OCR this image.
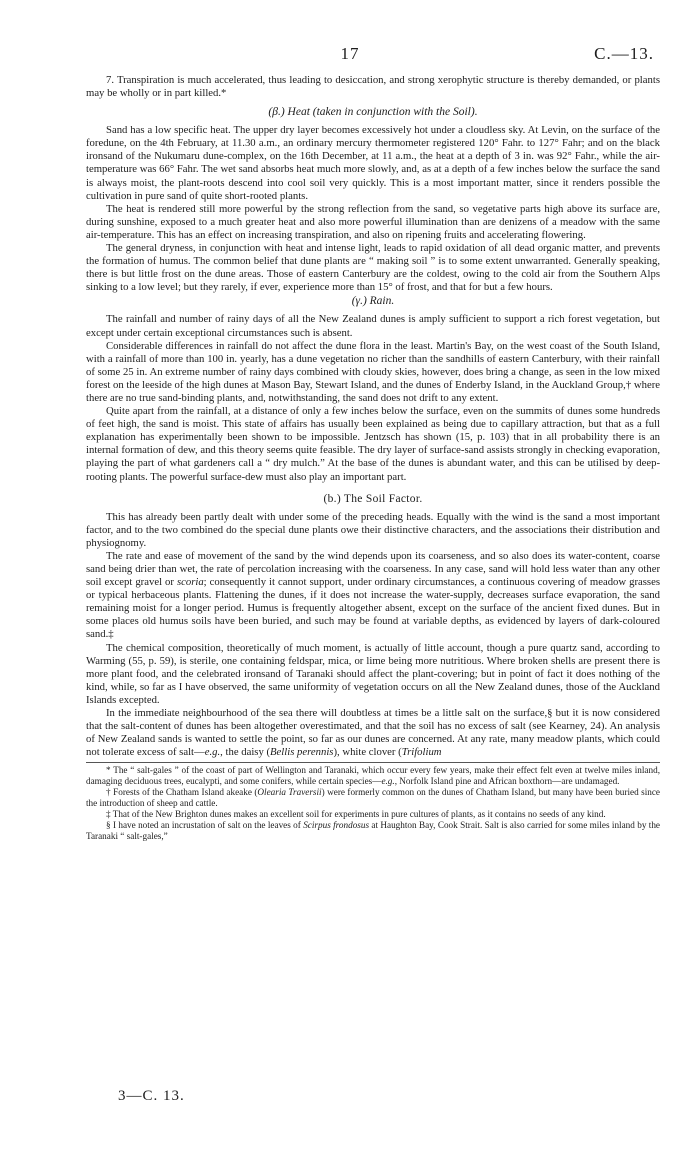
17	C.—13.

7. Transpiration is much accelerated, thus leading to desiccation, and strong xerophytic structure is thereby demanded, or plants may be wholly or in part killed.*

(β.) Heat (taken in conjunction with the Soil).

Sand has a low specific heat. The upper dry layer becomes excessively hot under a cloudless sky. At Levin, on the surface of the foredune, on the 4th February, at 11.30 a.m., an ordinary mercury thermometer registered 120° Fahr. to 127° Fahr; and on the black ironsand of the Nukumaru dune-complex, on the 16th December, at 11 a.m., the heat at a depth of 3 in. was 92° Fahr., while the air-temperature was 66° Fahr. The wet sand absorbs heat much more slowly, and, as at a depth of a few inches below the surface the sand is always moist, the plant-roots descend into cool soil very quickly. This is a most important matter, since it renders possible the cultivation in pure sand of quite short-rooted plants.

The heat is rendered still more powerful by the strong reflection from the sand, so vegetative parts high above its surface are, during sunshine, exposed to a much greater heat and also more powerful illumination than are denizens of a meadow with the same air-temperature. This has an effect on increasing transpiration, and also on ripening fruits and accelerating flowering.

The general dryness, in conjunction with heat and intense light, leads to rapid oxidation of all dead organic matter, and prevents the formation of humus. The common belief that dune plants are “ making soil ” is to some extent unwarranted. Generally speaking, there is but little frost on the dune areas. Those of eastern Canterbury are the coldest, owing to the cold air from the Southern Alps sinking to a low level; but they rarely, if ever, experience more than 15° of frost, and that for but a few hours.

(γ.) Rain.

The rainfall and number of rainy days of all the New Zealand dunes is amply sufficient to support a rich forest vegetation, but except under certain exceptional circumstances such is absent.

Considerable differences in rainfall do not affect the dune flora in the least. Martin's Bay, on the west coast of the South Island, with a rainfall of more than 100 in. yearly, has a dune vegetation no richer than the sandhills of eastern Canterbury, with their rainfall of some 25 in. An extreme number of rainy days combined with cloudy skies, however, does bring a change, as seen in the low mixed forest on the leeside of the high dunes at Mason Bay, Stewart Island, and the dunes of Enderby Island, in the Auckland Group,† where there are no true sand-binding plants, and, notwithstanding, the sand does not drift to any extent.

Quite apart from the rainfall, at a distance of only a few inches below the surface, even on the summits of dunes some hundreds of feet high, the sand is moist. This state of affairs has usually been explained as being due to capillary attraction, but that as a full explanation has experimentally been shown to be impossible. Jentzsch has shown (15, p. 103) that in all probability there is an internal formation of dew, and this theory seems quite feasible. The dry layer of surface-sand assists strongly in checking evaporation, playing the part of what gardeners call a “ dry mulch.” At the base of the dunes is abundant water, and this can be utilised by deep-rooting plants. The powerful surface-dew must also play an important part.

(b.) The Soil Factor.

This has already been partly dealt with under some of the preceding heads. Equally with the wind is the sand a most important factor, and to the two combined do the special dune plants owe their distinctive characters, and the associations their distribution and physiognomy.

The rate and ease of movement of the sand by the wind depends upon its coarseness, and so also does its water-content, coarse sand being drier than wet, the rate of percolation increasing with the coarseness. In any case, sand will hold less water than any other soil except gravel or scoria; consequently it cannot support, under ordinary circumstances, a continuous covering of meadow grasses or typical herbaceous plants. Flattening the dunes, if it does not increase the water-supply, decreases surface evaporation, the sand remaining moist for a longer period. Humus is frequently altogether absent, except on the surface of the ancient fixed dunes. But in some places old humus soils have been buried, and such may be found at variable depths, as evidenced by layers of dark-coloured sand.‡

The chemical composition, theoretically of much moment, is actually of little account, though a pure quartz sand, according to Warming (55, p. 59), is sterile, one containing feldspar, mica, or lime being more nutritious. Where broken shells are present there is more plant food, and the celebrated ironsand of Taranaki should affect the plant-covering; but in point of fact it does nothing of the kind, while, so far as I have observed, the same uniformity of vegetation occurs on all the New Zealand dunes, those of the Auckland Islands excepted.

In the immediate neighbourhood of the sea there will doubtless at times be a little salt on the surface,§ but it is now considered that the salt-content of dunes has been altogether overestimated, and that the soil has no excess of salt (see Kearney, 24). An analysis of New Zealand sands is wanted to settle the point, so far as our dunes are concerned. At any rate, many meadow plants, which could not tolerate excess of salt—e.g., the daisy (Bellis perennis), white clover (Trifolium

* The “ salt-gales ” of the coast of part of Wellington and Taranaki, which occur every few years, make their effect felt even at twelve miles inland, damaging deciduous trees, eucalypti, and some conifers, while certain species—e.g., Norfolk Island pine and African boxthorn—are undamaged.

† Forests of the Chatham Island akeake (Olearia Traversii) were formerly common on the dunes of Chatham Island, but many have been buried since the introduction of sheep and cattle.

‡ That of the New Brighton dunes makes an excellent soil for experiments in pure cultures of plants, as it contains no seeds of any kind.

§ I have noted an incrustation of salt on the leaves of Scirpus frondosus at Haughton Bay, Cook Strait. Salt is also carried for some miles inland by the Taranaki “ salt-gales,”

3—C. 13.
